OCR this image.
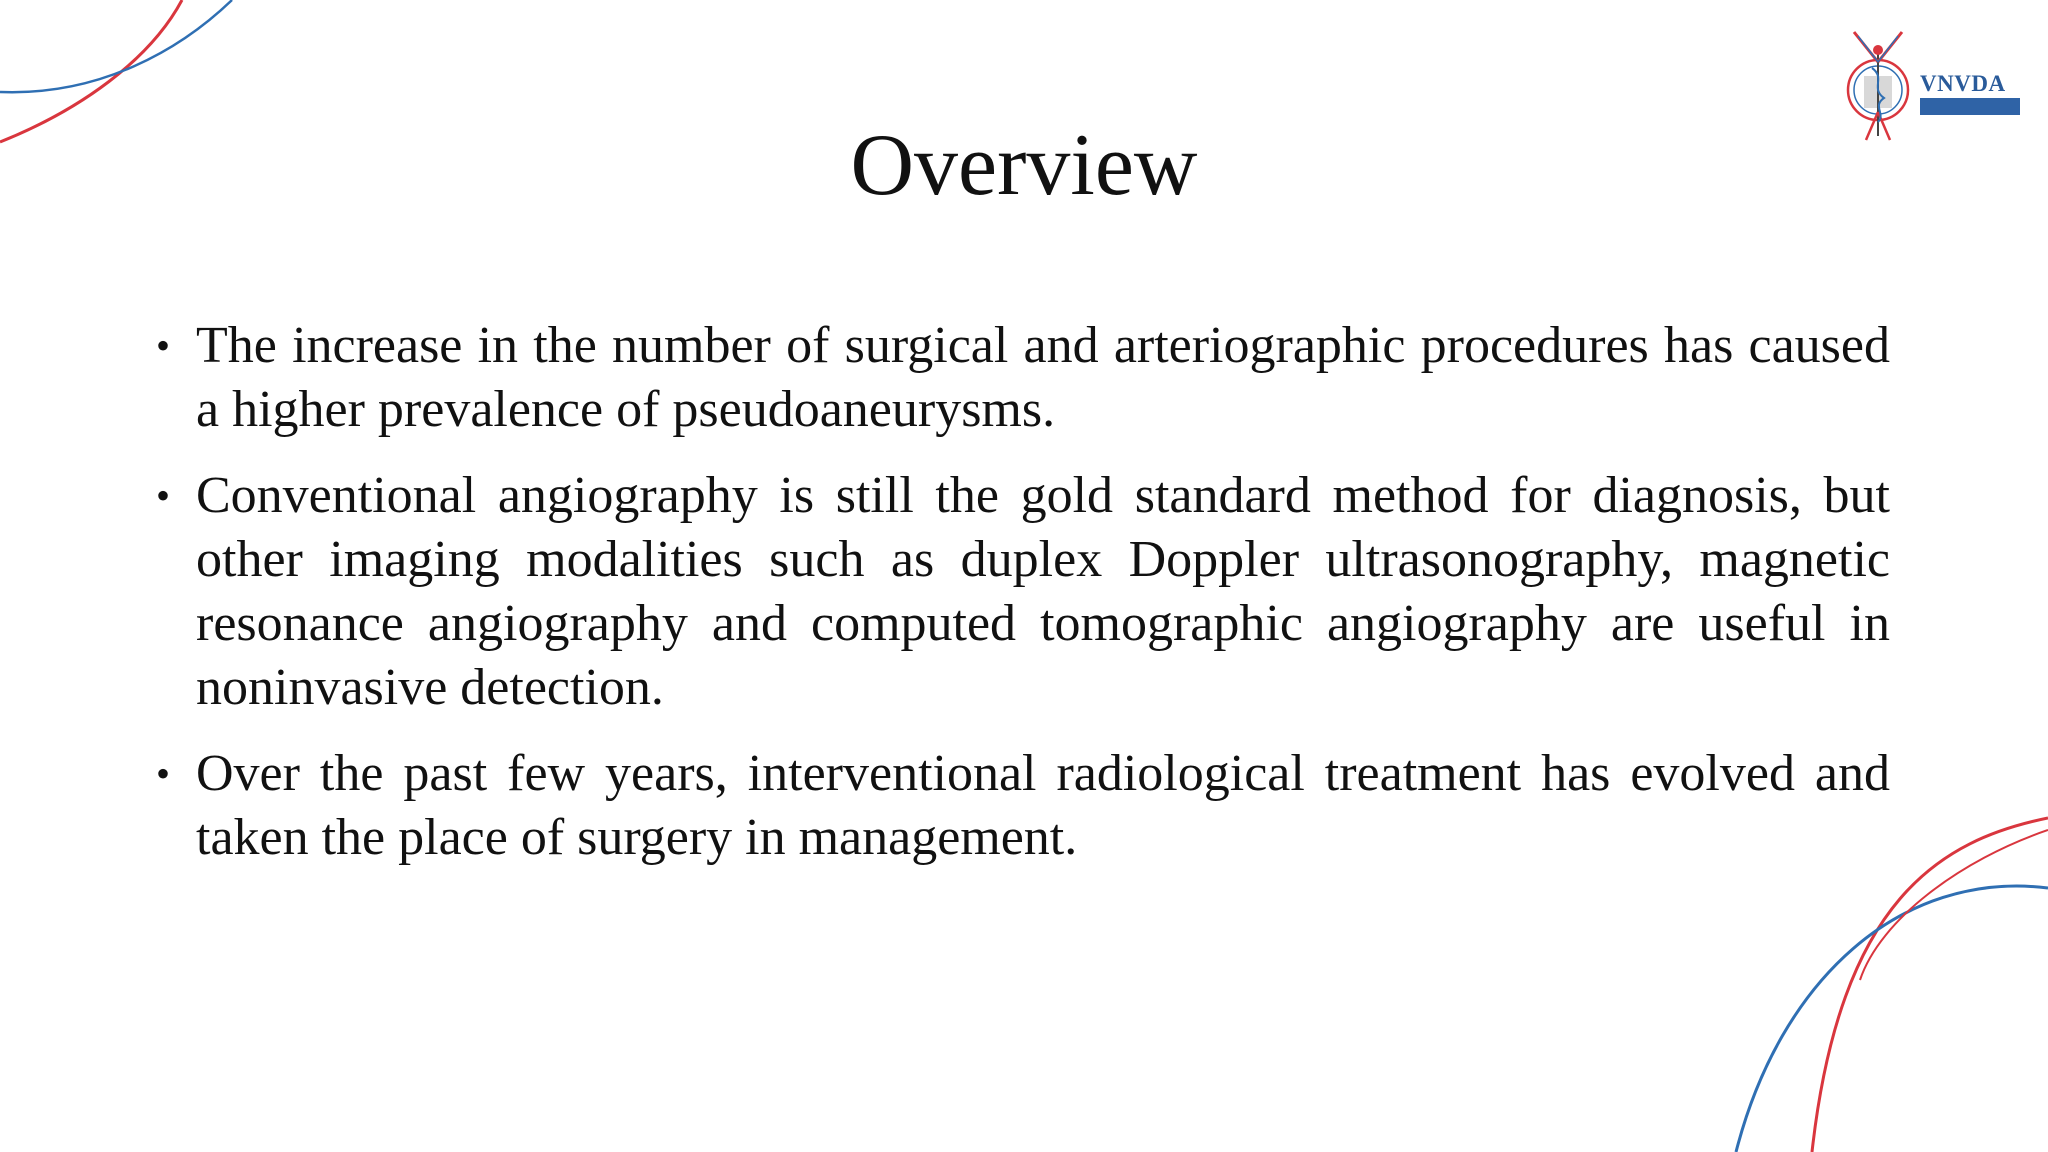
VNVDA
Overview
• The increase in the number of surgical and arteriographic procedures has caused a higher prevalence of pseudoaneurysms.
• Conventional angiography is still the gold standard method for diagnosis, but other imaging modalities such as duplex Doppler ultrasonography, magnetic resonance angiography and computed tomographic angiography are useful in noninvasive detection.
• Over the past few years, interventional radiological treatment has evolved and taken the place of surgery in management.
